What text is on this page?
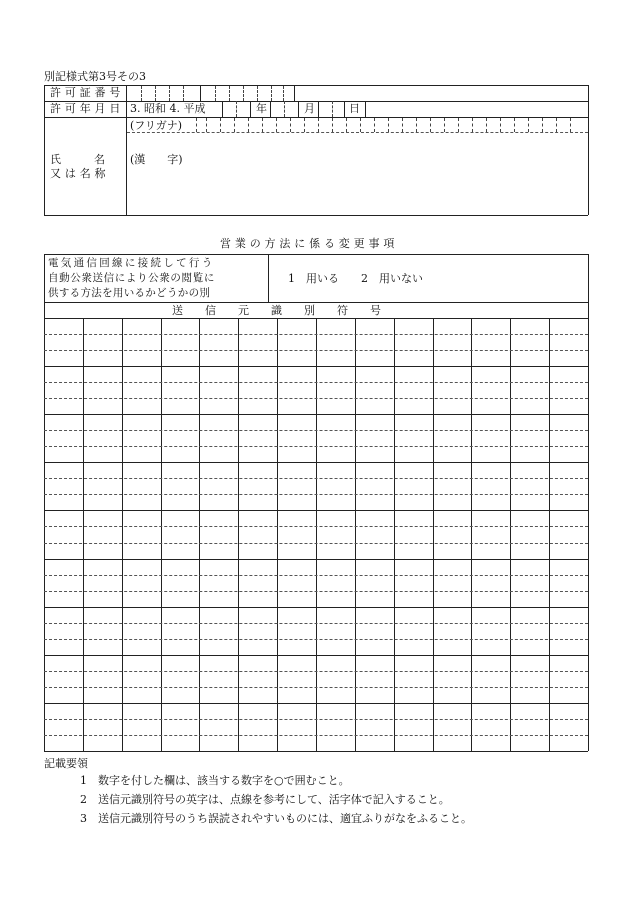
別記様式第3号その3
許可証番号
許可年月日 3. 昭和 4. 平成	年	月	日
(フリガナ)
氏　　　名
又は名称
(漢　　字)
営業の方法に係る変更事項
電気通信回線に接続して行う
自動公衆送信により公衆の閲覧に
供する方法を用いるかどうかの別
1　用いる　　2　用いない
送　　信　　元　　識　　別　　符　　号
記載要領
1　数字を付した欄は、該当する数字を○で囲むこと。
2　送信元識別符号の英字は、点線を参考にして、活字体で記入すること。
3　送信元識別符号のうち誤読されやすいものには、適宜ふりがなをふること。
